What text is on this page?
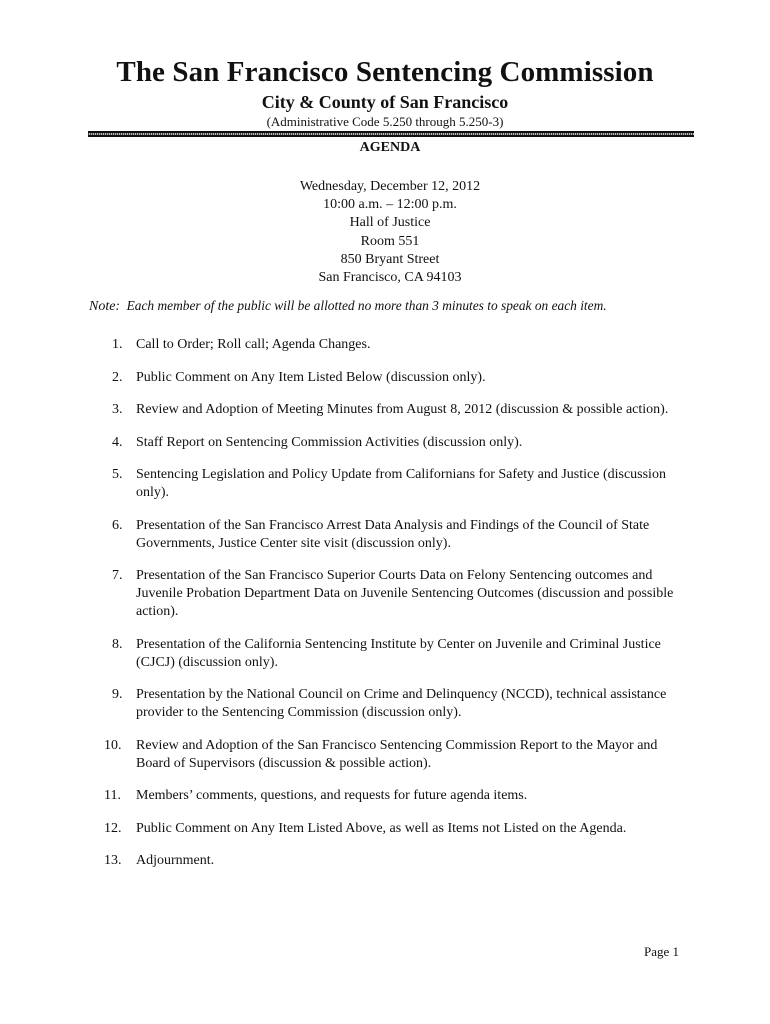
The San Francisco Sentencing Commission
City & County of San Francisco
(Administrative Code 5.250 through 5.250-3)
AGENDA
Wednesday, December 12, 2012
10:00 a.m. – 12:00 p.m.
Hall of Justice
Room 551
850 Bryant Street
San Francisco, CA 94103
Note:  Each member of the public will be allotted no more than 3 minutes to speak on each item.
1. Call to Order; Roll call; Agenda Changes.
2. Public Comment on Any Item Listed Below (discussion only).
3. Review and Adoption of Meeting Minutes from August 8, 2012 (discussion & possible action).
4. Staff Report on Sentencing Commission Activities (discussion only).
5. Sentencing Legislation and Policy Update from Californians for Safety and Justice (discussion only).
6. Presentation of the San Francisco Arrest Data Analysis and Findings of the Council of State Governments, Justice Center site visit (discussion only).
7. Presentation of the San Francisco Superior Courts Data on Felony Sentencing outcomes and Juvenile Probation Department Data on Juvenile Sentencing Outcomes (discussion and possible action).
8. Presentation of the California Sentencing Institute by Center on Juvenile and Criminal Justice (CJCJ) (discussion only).
9. Presentation by the National Council on Crime and Delinquency (NCCD), technical assistance provider to the Sentencing Commission (discussion only).
10. Review and Adoption of the San Francisco Sentencing Commission Report to the Mayor and Board of Supervisors (discussion & possible action).
11. Members’ comments, questions, and requests for future agenda items.
12. Public Comment on Any Item Listed Above, as well as Items not Listed on the Agenda.
13. Adjournment.
Page 1
